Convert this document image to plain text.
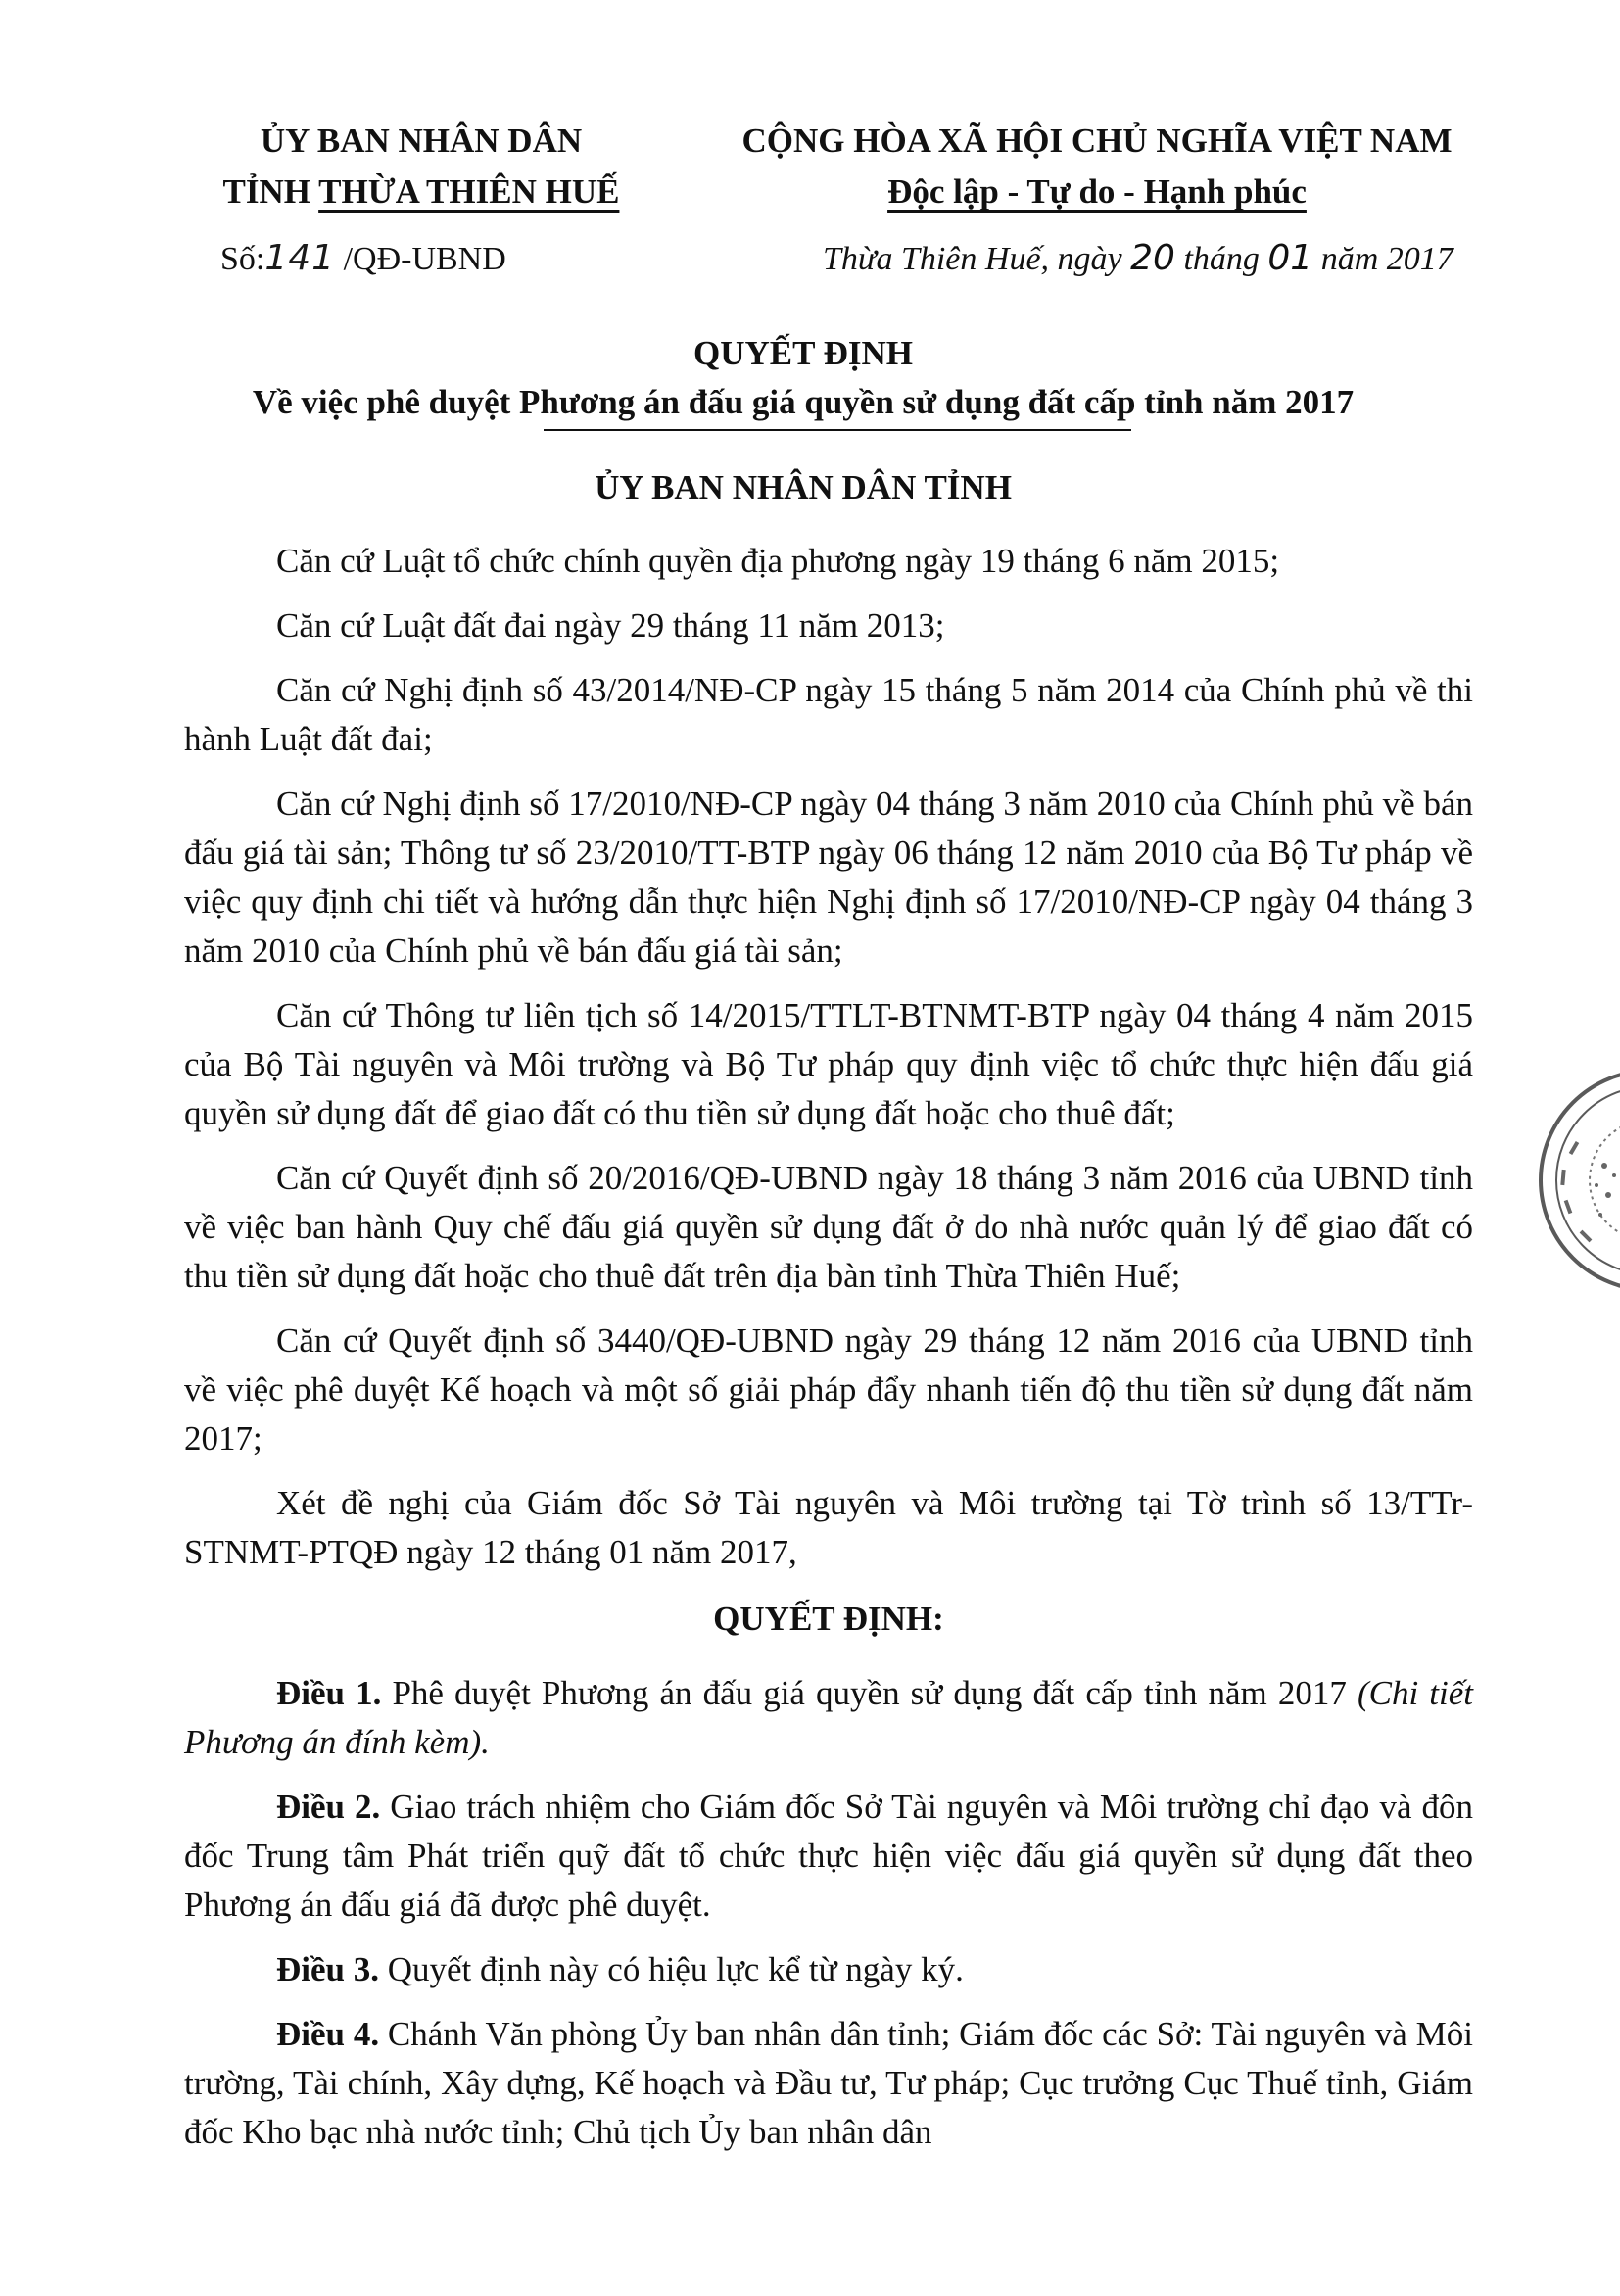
ỦY BAN NHÂN DÂN
TỈNH THỪA THIÊN HUẾ
CỘNG HÒA XÃ HỘI CHỦ NGHĨA VIỆT NAM
Độc lập - Tự do - Hạnh phúc
Số:141 /QĐ-UBND	Thừa Thiên Huế, ngày 20 tháng 01 năm 2017
QUYẾT ĐỊNH
Về việc phê duyệt Phương án đấu giá quyền sử dụng đất cấp tỉnh năm 2017
ỦY BAN NHÂN DÂN TỈNH

Căn cứ Luật tổ chức chính quyền địa phương ngày 19 tháng 6 năm 2015;

Căn cứ Luật đất đai ngày 29 tháng 11 năm 2013;

Căn cứ Nghị định số 43/2014/NĐ-CP ngày 15 tháng 5 năm 2014 của Chính phủ về thi hành Luật đất đai;

Căn cứ Nghị định số 17/2010/NĐ-CP ngày 04 tháng 3 năm 2010 của Chính phủ về bán đấu giá tài sản; Thông tư số 23/2010/TT-BTP ngày 06 tháng 12 năm 2010 của Bộ Tư pháp về việc quy định chi tiết và hướng dẫn thực hiện Nghị định số 17/2010/NĐ-CP ngày 04 tháng 3 năm 2010 của Chính phủ về bán đấu giá tài sản;

Căn cứ Thông tư liên tịch số 14/2015/TTLT-BTNMT-BTP ngày 04 tháng 4 năm 2015 của Bộ Tài nguyên và Môi trường và Bộ Tư pháp quy định việc tổ chức thực hiện đấu giá quyền sử dụng đất để giao đất có thu tiền sử dụng đất hoặc cho thuê đất;

Căn cứ Quyết định số 20/2016/QĐ-UBND ngày 18 tháng 3 năm 2016 của UBND tỉnh về việc ban hành Quy chế đấu giá quyền sử dụng đất ở do nhà nước quản lý để giao đất có thu tiền sử dụng đất hoặc cho thuê đất trên địa bàn tỉnh Thừa Thiên Huế;

Căn cứ Quyết định số 3440/QĐ-UBND ngày 29 tháng 12 năm 2016 của UBND tỉnh về việc phê duyệt Kế hoạch và một số giải pháp đẩy nhanh tiến độ thu tiền sử dụng đất năm 2017;

Xét đề nghị của Giám đốc Sở Tài nguyên và Môi trường tại Tờ trình số 13/TTr-STNMT-PTQĐ ngày 12 tháng 01 năm 2017,

QUYẾT ĐỊNH:

Điều 1. Phê duyệt Phương án đấu giá quyền sử dụng đất cấp tỉnh năm 2017 (Chi tiết Phương án đính kèm).

Điều 2. Giao trách nhiệm cho Giám đốc Sở Tài nguyên và Môi trường chỉ đạo và đôn đốc Trung tâm Phát triển quỹ đất tổ chức thực hiện việc đấu giá quyền sử dụng đất theo Phương án đấu giá đã được phê duyệt.

Điều 3. Quyết định này có hiệu lực kể từ ngày ký.

Điều 4. Chánh Văn phòng Ủy ban nhân dân tỉnh; Giám đốc các Sở: Tài nguyên và Môi trường, Tài chính, Xây dựng, Kế hoạch và Đầu tư, Tư pháp; Cục trưởng Cục Thuế tỉnh, Giám đốc Kho bạc nhà nước tỉnh; Chủ tịch Ủy ban nhân dân
